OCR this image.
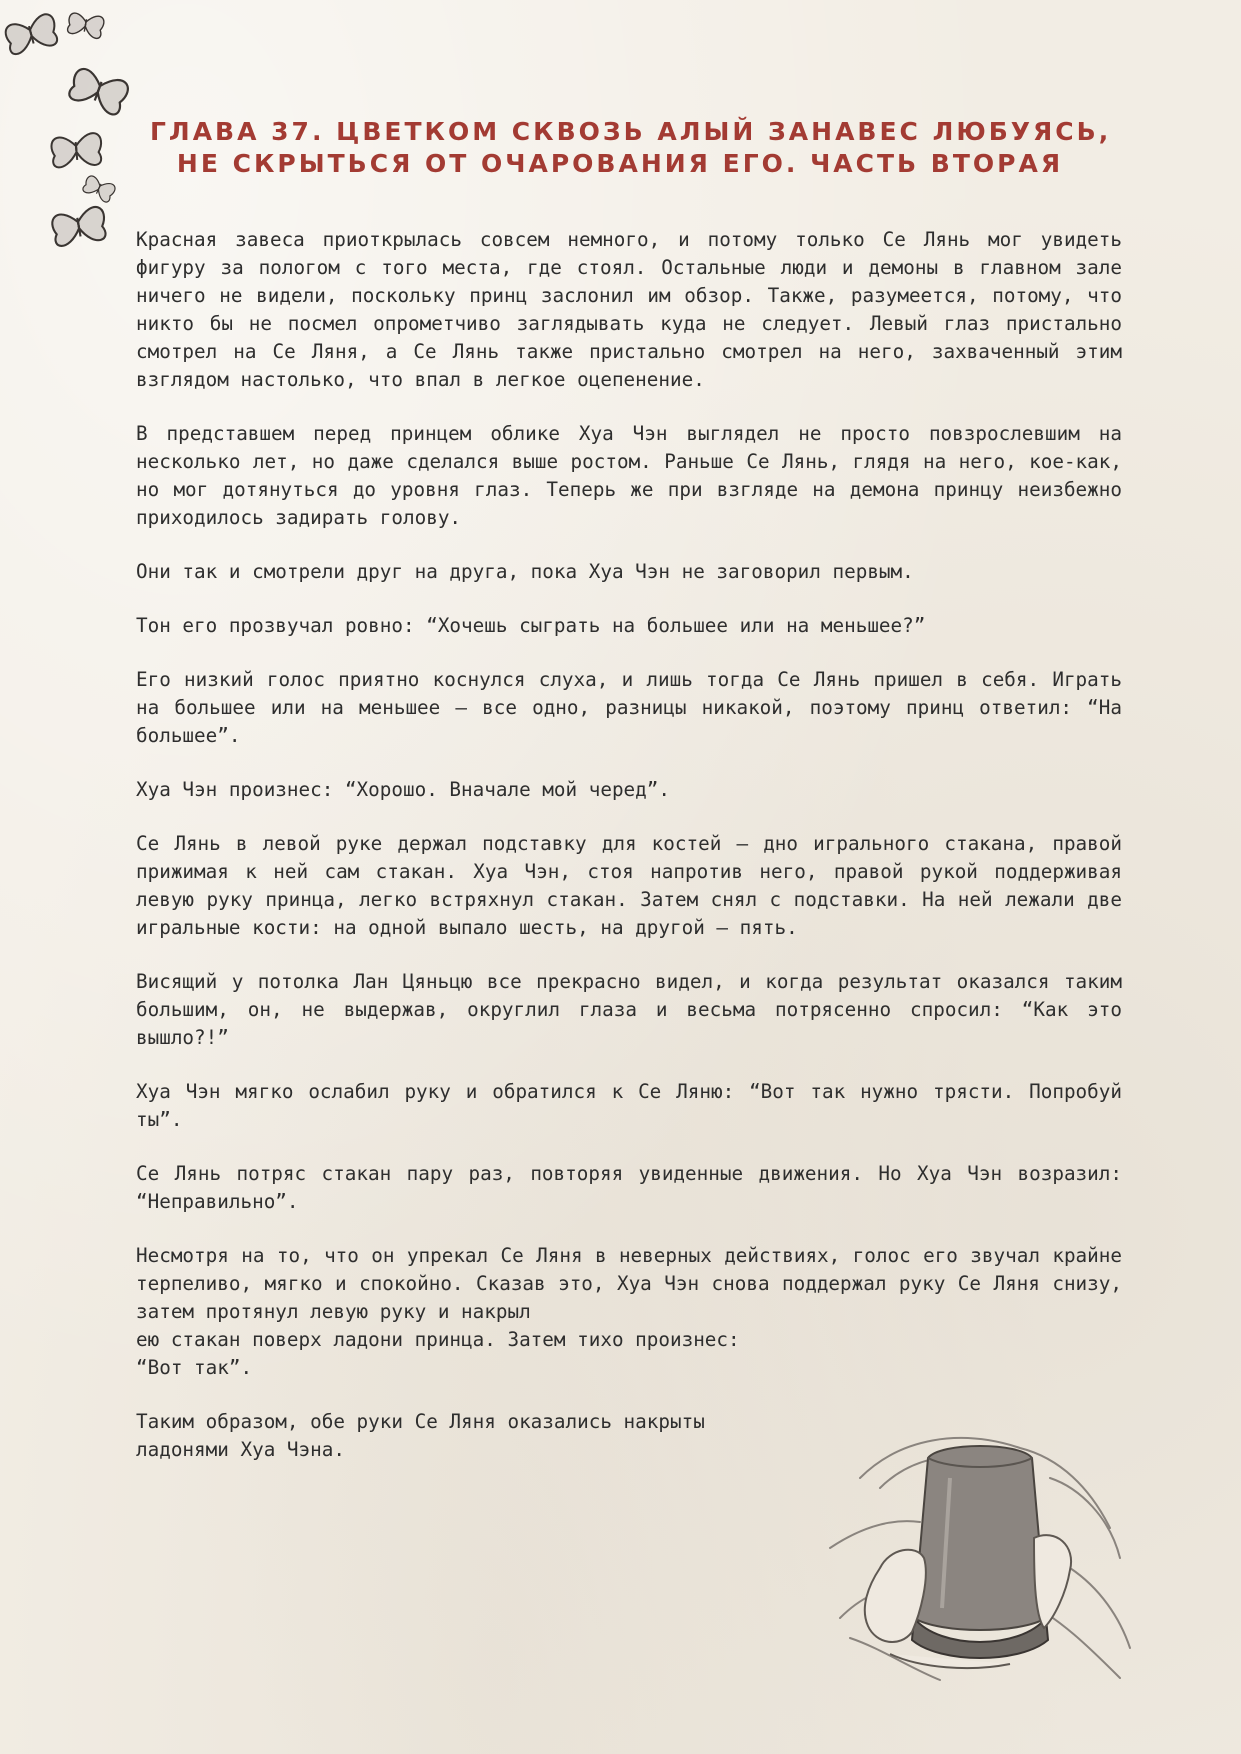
ГЛАВА 37. ЦВЕТКОМ СКВОЗЬ АЛЫЙ ЗАНАВЕС ЛЮБУЯСЬ,
НЕ СКРЫТЬСЯ ОТ ОЧАРОВАНИЯ ЕГО. ЧАСТЬ ВТОРАЯ

Красная завеса приоткрылась совсем немного, и потому только Се Лянь мог увидеть фигуру за пологом с того места, где стоял. Остальные люди и демоны в главном зале ничего не видели, поскольку принц заслонил им обзор. Также, разумеется, потому, что никто бы не посмел опрометчиво заглядывать куда не следует. Левый глаз пристально смотрел на Се Ляня, а Се Лянь также пристально смотрел на него, захваченный этим взглядом настолько, что впал в легкое оцепенение.

В представшем перед принцем облике Хуа Чэн выглядел не просто повзрослевшим на несколько лет, но даже сделался выше ростом. Раньше Се Лянь, глядя на него, кое-как, но мог дотянуться до уровня глаз. Теперь же при взгляде на демона принцу неизбежно приходилось задирать голову.

Они так и смотрели друг на друга, пока Хуа Чэн не заговорил первым.

Тон его прозвучал ровно: “Хочешь сыграть на большее или на меньшее?”

Его низкий голос приятно коснулся слуха, и лишь тогда Се Лянь пришел в себя. Играть на большее или на меньшее — все одно, разницы никакой, поэтому принц ответил: “На большее”.

Хуа Чэн произнес: “Хорошо. Вначале мой черед”.

Се Лянь в левой руке держал подставку для костей — дно игрального стакана, правой прижимая к ней сам стакан. Хуа Чэн, стоя напротив него, правой рукой поддерживая левую руку принца, легко встряхнул стакан. Затем снял с подставки. На ней лежали две игральные кости: на одной выпало шесть, на другой — пять.

Висящий у потолка Лан Цяньцю все прекрасно видел, и когда результат оказался таким большим, он, не выдержав, округлил глаза и весьма потрясенно спросил: “Как это вышло?!”

Хуа Чэн мягко ослабил руку и обратился к Се Ляню: “Вот так нужно трясти. Попробуй ты”.

Се Лянь потряс стакан пару раз, повторяя увиденные движения. Но Хуа Чэн возразил: “Неправильно”.

Несмотря на то, что он упрекал Се Ляня в неверных действиях, голос его звучал крайне терпеливо, мягко и спокойно. Сказав это, Хуа Чэн снова поддержал руку Се Ляня снизу, затем протянул левую руку и накрыл

ею стакан поверх ладони принца. Затем тихо произнес: “Вот так”.

Таким образом, обе руки Се Ляня оказались накрыты ладонями Хуа Чэна.
